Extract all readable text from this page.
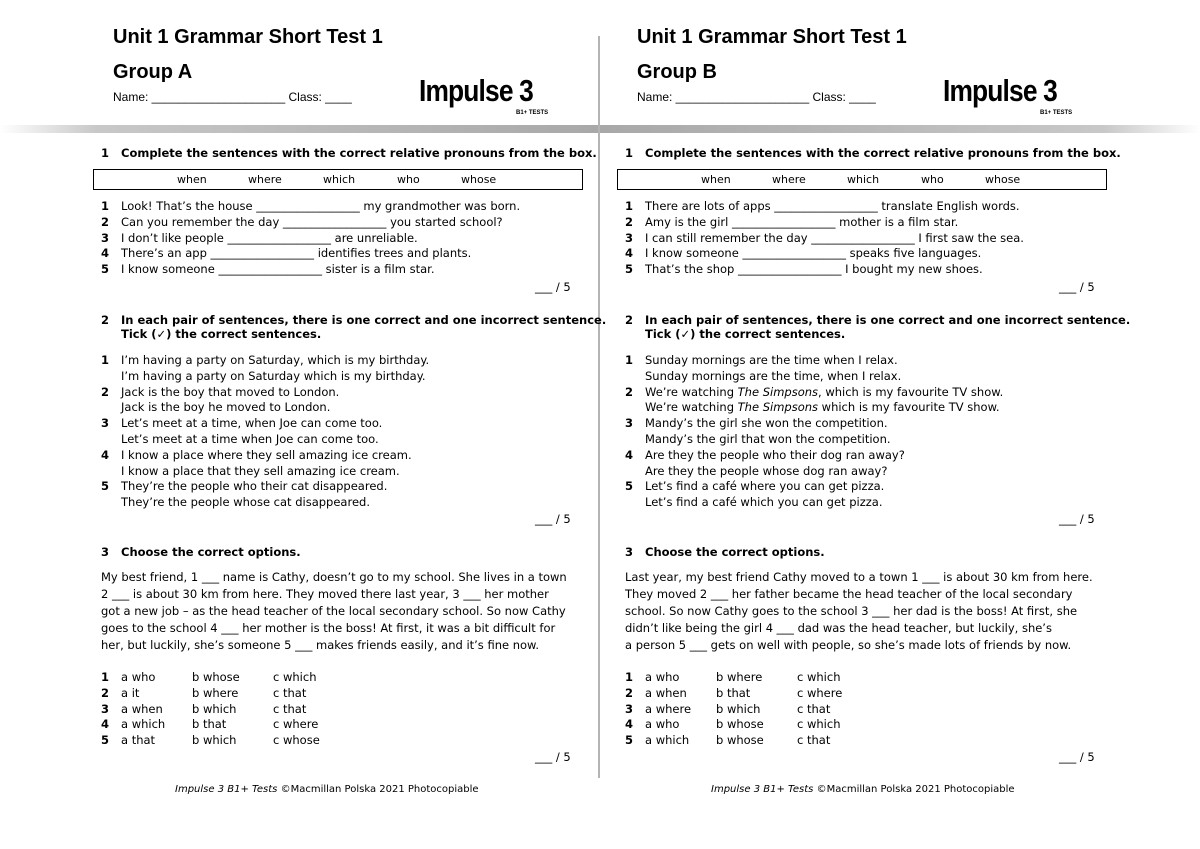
Unit 1 Grammar Short Test 1
Group A
Name: ____________________ Class: ____ Impulse 3
B1+ TESTS
1 Complete the sentences with the correct relative pronouns from the box.
when	where	which	who	whose
1	Look! That’s the house __________________ my grandmother was born.
2	Can you remember the day __________________ you started school?
3	I don’t like people __________________ are unreliable.
4	There’s an app __________________ identifies trees and plants.
5	I know someone __________________ sister is a film star.
___ / 5
2 In each pair of sentences, there is one correct and one incorrect sentence.
Tick (✓) the correct sentences.
1	I’m having a party on Saturday, which is my birthday.
I’m having a party on Saturday which is my birthday.
2	Jack is the boy that moved to London.
Jack is the boy he moved to London.
3	Let’s meet at a time, when Joe can come too.
Let’s meet at a time when Joe can come too.
4	I know a place where they sell amazing ice cream.
I know a place that they sell amazing ice cream.
5	They’re the people who their cat disappeared.
They’re the people whose cat disappeared.
___ / 5
3 Choose the correct options.
My best friend, 1 ___ name is Cathy, doesn’t go to my school. She lives in a town
2 ___ is about 30 km from here. They moved there last year, 3 ___ her mother
got a new job – as the head teacher of the local secondary school. So now Cathy
goes to the school 4 ___ her mother is the boss! At first, it was a bit difficult for
her, but luckily, she’s someone 5 ___ makes friends easily, and it’s fine now.
1	a who	b whose	c which
2	a it	b where	c that
3	a when	b which	c that
4	a which	b that	c where
5	a that	b which	c whose
___ / 5
Impulse 3 B1+ Tests ©Macmillan Polska 2021 Photocopiable
Unit 1 Grammar Short Test 1
Group B
Name: ____________________ Class: ____ Impulse 3
B1+ TESTS
1 Complete the sentences with the correct relative pronouns from the box.
when	where	which	who	whose
1	There are lots of apps __________________ translate English words.
2	Amy is the girl __________________ mother is a film star.
3	I can still remember the day __________________ I first saw the sea.
4	I know someone __________________ speaks five languages.
5	That’s the shop __________________ I bought my new shoes.
___ / 5
2 In each pair of sentences, there is one correct and one incorrect sentence.
Tick (✓) the correct sentences.
1	Sunday mornings are the time when I relax.
Sunday mornings are the time, when I relax.
2	We’re watching The Simpsons, which is my favourite TV show.
We’re watching The Simpsons which is my favourite TV show.
3	Mandy’s the girl she won the competition.
Mandy’s the girl that won the competition.
4	Are they the people who their dog ran away?
Are they the people whose dog ran away?
5	Let’s find a café where you can get pizza.
Let’s find a café which you can get pizza.
___ / 5
3 Choose the correct options.
Last year, my best friend Cathy moved to a town 1 ___ is about 30 km from here.
They moved 2 ___ her father became the head teacher of the local secondary
school. So now Cathy goes to the school 3 ___ her dad is the boss! At first, she
didn’t like being the girl 4 ___ dad was the head teacher, but luckily, she’s
a person 5 ___ gets on well with people, so she’s made lots of friends by now.
1	a who	b where	c which
2	a when	b that	c where
3	a where	b which	c that
4	a who	b whose	c which
5	a which	b whose	c that
___ / 5
Impulse 3 B1+ Tests ©Macmillan Polska 2021 Photocopiable
